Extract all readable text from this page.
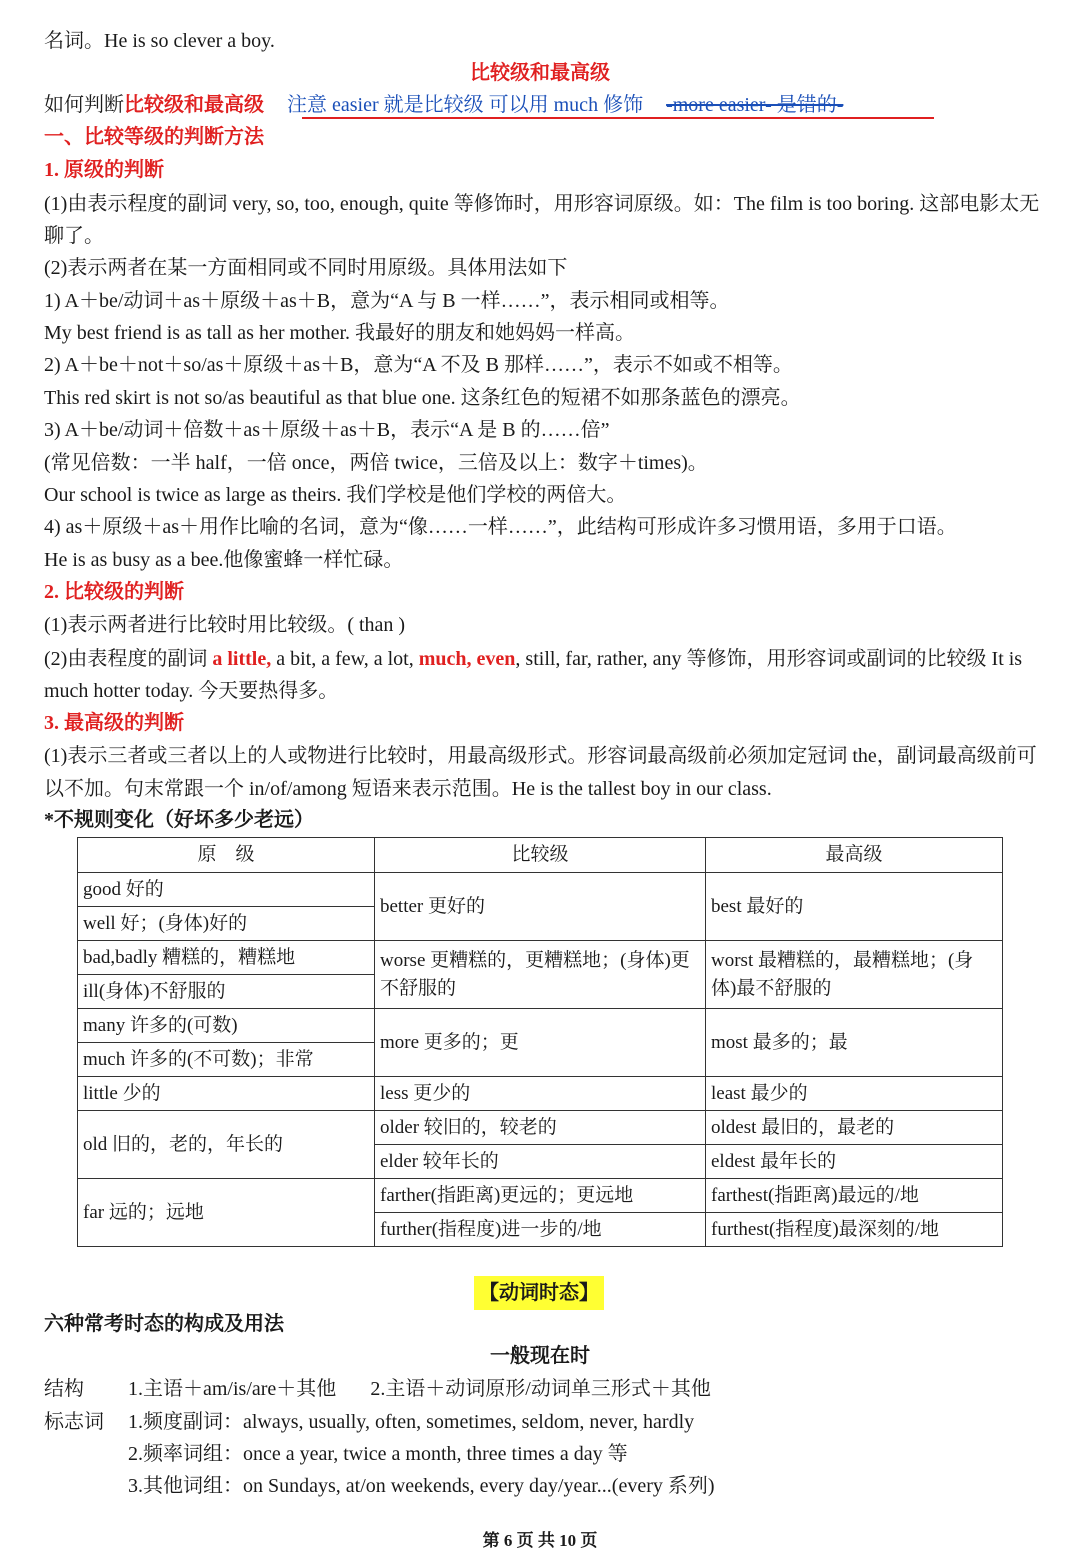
名词。He is so clever a boy.
比较级和最高级
如何判断比较级和最高级 注意 easier 就是比较级 可以用 much 修饰 -more easier- 是错的-
一、比较等级的判断方法
1. 原级的判断
(1)由表示程度的副词 very, so, too, enough, quite 等修饰时，用形容词原级。如：The film is too boring. 这部电影太无聊了。
(2)表示两者在某一方面相同或不同时用原级。具体用法如下
1) A＋be/动词＋as＋原级＋as＋B，意为“A 与 B 一样……”，表示相同或相等。
My best friend is as tall as her mother. 我最好的朋友和她妈妈一样高。
2) A＋be＋not＋so/as＋原级＋as＋B，意为“A 不及 B 那样……”，表示不如或不相等。
This red skirt is not so/as beautiful as that blue one. 这条红色的短裙不如那条蓝色的漂亮。
3) A＋be/动词＋倍数＋as＋原级＋as＋B，表示“A 是 B 的……倍”
(常见倍数：一半 half，一倍 once，两倍 twice，三倍及以上：数字＋times)。
Our school is twice as large as theirs. 我们学校是他们学校的两倍大。
4) as＋原级＋as＋用作比喻的名词，意为“像……一样……”，此结构可形成许多习惯用语，多用于口语。
He is as busy as a bee.他像蜜蜂一样忙碌。
2. 比较级的判断
(1)表示两者进行比较时用比较级。( than )
(2)由表程度的副词 a little, a bit, a few, a lot, much, even, still, far, rather, any 等修饰，用形容词或副词的比较级 It is much hotter today. 今天要热得多。
3. 最高级的判断
(1)表示三者或三者以上的人或物进行比较时，用最高级形式。形容词最高级前必须加定冠词 the，副词最高级前可以不加。句末常跟一个 in/of/among 短语来表示范围。He is the tallest boy in our class.
*不规则变化（好坏多少老远）
原　级	比较级	最高级
good 好的	better 更好的	best 最好的
well 好；(身体)好的		
bad,badly 糟糕的，糟糕地	worse 更糟糕的，更糟糕地；(身体)更不舒服的	worst 最糟糕的，最糟糕地；(身体)最不舒服的
ill(身体)不舒服的		
many 许多的(可数)	more 更多的；更	most 最多的；最
much 许多的(不可数)；非常		
little 少的	less 更少的	least 最少的
old 旧的，老的，年长的	older 较旧的，较老的	oldest 最旧的，最老的
	elder 较年长的	eldest 最年长的
far 远的；远地	farther(指距离)更远的；更远地	farthest(指距离)最远的/地
	further(指程度)进一步的/地	furthest(指程度)最深刻的/地
【动词时态】
六种常考时态的构成及用法
一般现在时
结构 1.主语＋am/is/are＋其他 2.主语＋动词原形/动词单三形式＋其他
标志词 1.频度副词：always, usually, often, sometimes, seldom, never, hardly
2.频率词组：once a year, twice a month, three times a day 等
3.其他词组：on Sundays, at/on weekends, every day/year...(every 系列)
第 6 页 共 10 页
